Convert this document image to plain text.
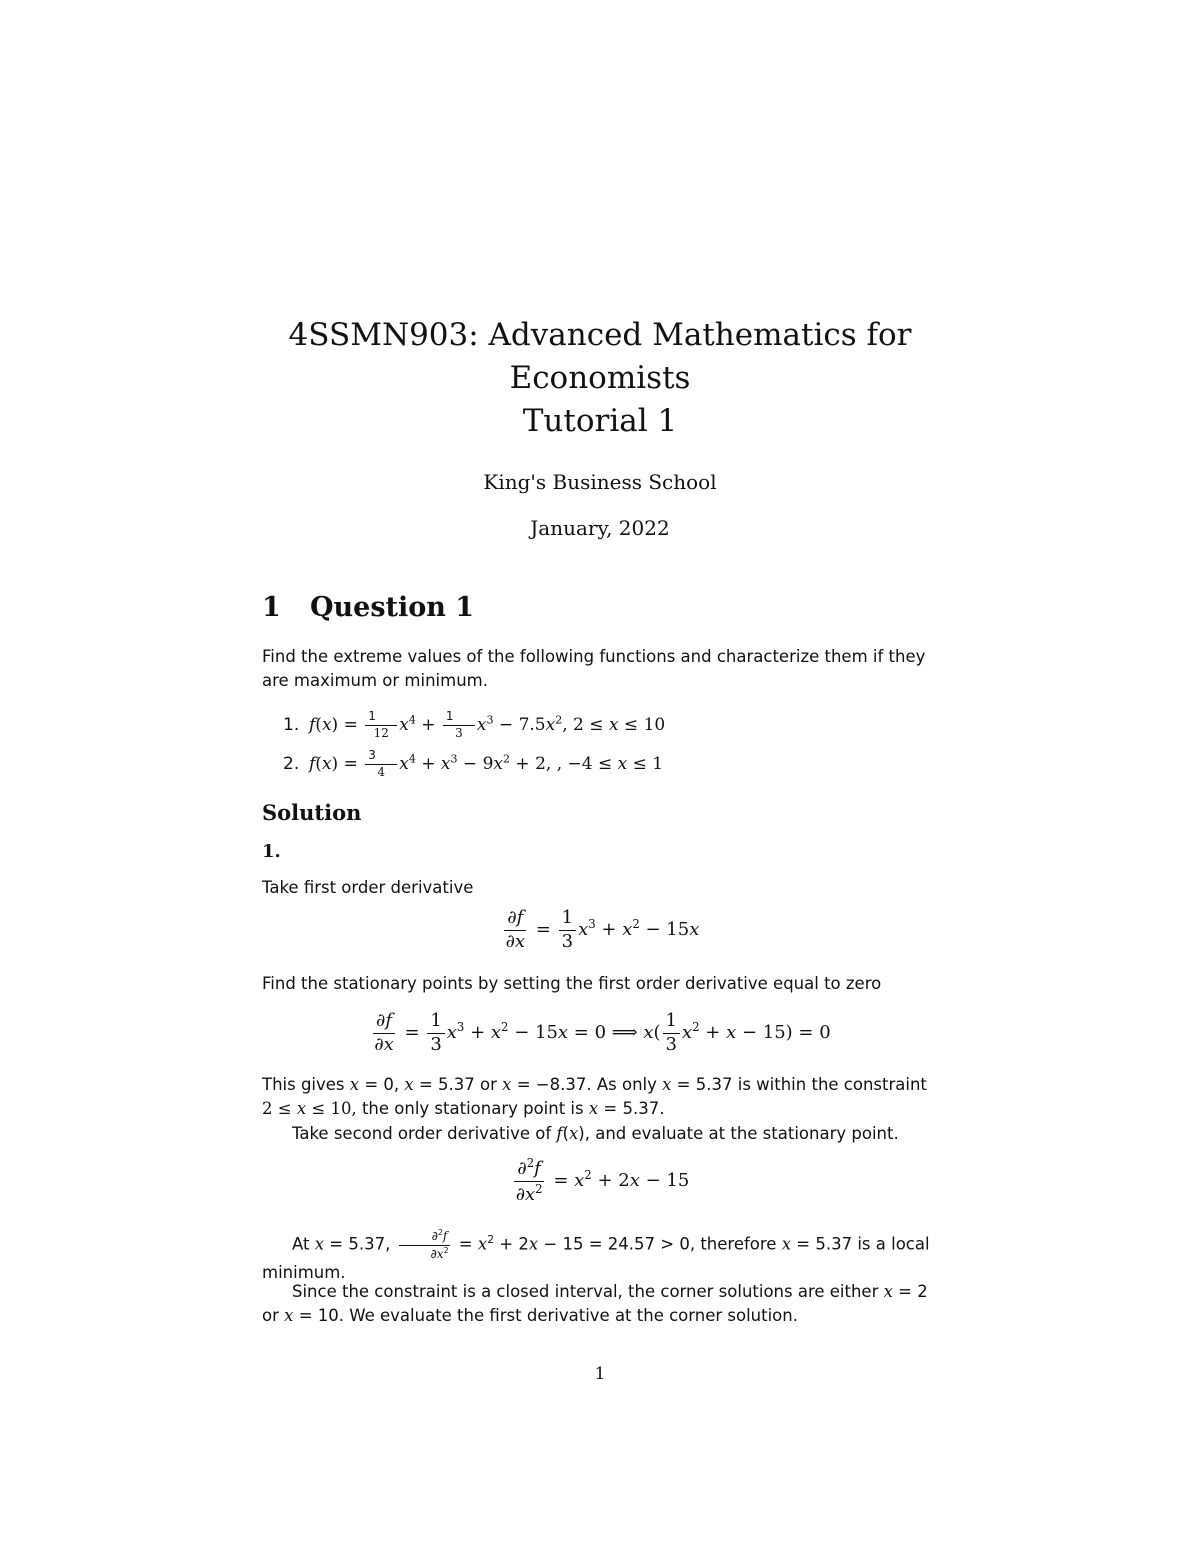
4SSMN903: Advanced Mathematics for
Economists
Tutorial 1
King's Business School
January, 2022
1 Question 1
Find the extreme values of the following functions and characterize them if they are maximum or minimum.
1. $f(x) = \frac{1}{12} x^4 + \frac{1}{3} x^3 - 7.5x^2$, 2 ≤ x ≤ 10
2. $f(x) = \frac{3}{4} x^4 + x^3 - 9x^2 + 2$, , −4 ≤ x ≤ 1
Solution
1.
Take first order derivative
$\frac{\partial f}{\partial x} = \frac{1}{3} x^3 + x^2 - 15x$
Find the stationary points by setting the first order derivative equal to zero
$\frac{\partial f}{\partial x} = \frac{1}{3} x^3 + x^2 - 15x = 0$ ⟹ $x( \frac{1}{3} x^2 + x - 15) = 0$
This gives x = 0, x = 5.37 or x = −8.37. As only x = 5.37 is within the constraint 2 ≤ x ≤ 10, the only stationary point is x = 5.37.
Take second order derivative of f(x), and evaluate at the stationary point.
$\frac{\partial^2f}{\partial x^2} = x^2 + 2x - 15$
At x = 5.37, $\frac{\partial^2f}{\partial x^2} = x^2 + 2x - 15 = 24.57 > 0$, therefore x = 5.37 is a local minimum.
Since the constraint is a closed interval, the corner solutions are either x = 2 or x = 10. We evaluate the first derivative at the corner solution.
1
